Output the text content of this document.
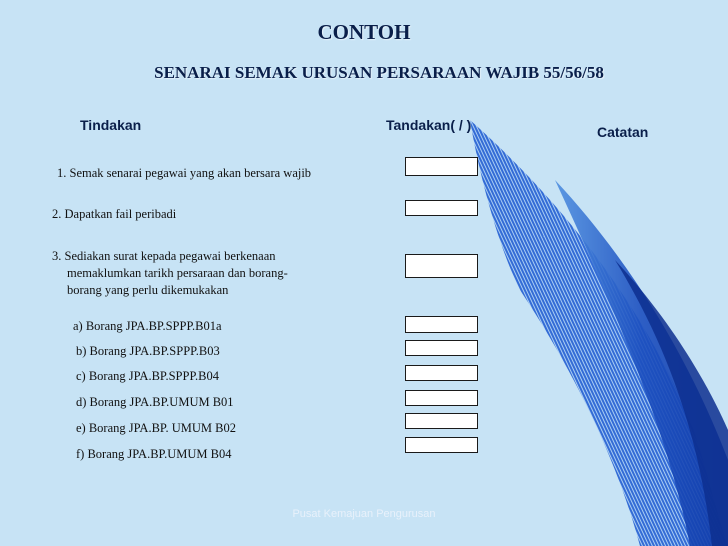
CONTOH
SENARAI SEMAK URUSAN PERSARAAN WAJIB 55/56/58
Tindakan	Tandakan( / )	Catatan
1. Semak senarai pegawai yang akan bersara wajib
2. Dapatkan fail peribadi
3. Sediakan surat kepada pegawai berkenaan
memaklumkan tarikh persaraan dan borang-
borang yang perlu dikemukakan
a) Borang JPA.BP.SPPP.B01a
b) Borang JPA.BP.SPPP.B03
c) Borang JPA.BP.SPPP.B04
d) Borang JPA.BP.UMUM B01
e) Borang JPA.BP. UMUM B02
f) Borang JPA.BP.UMUM B04
Pusat Kemajuan Pengurusan
